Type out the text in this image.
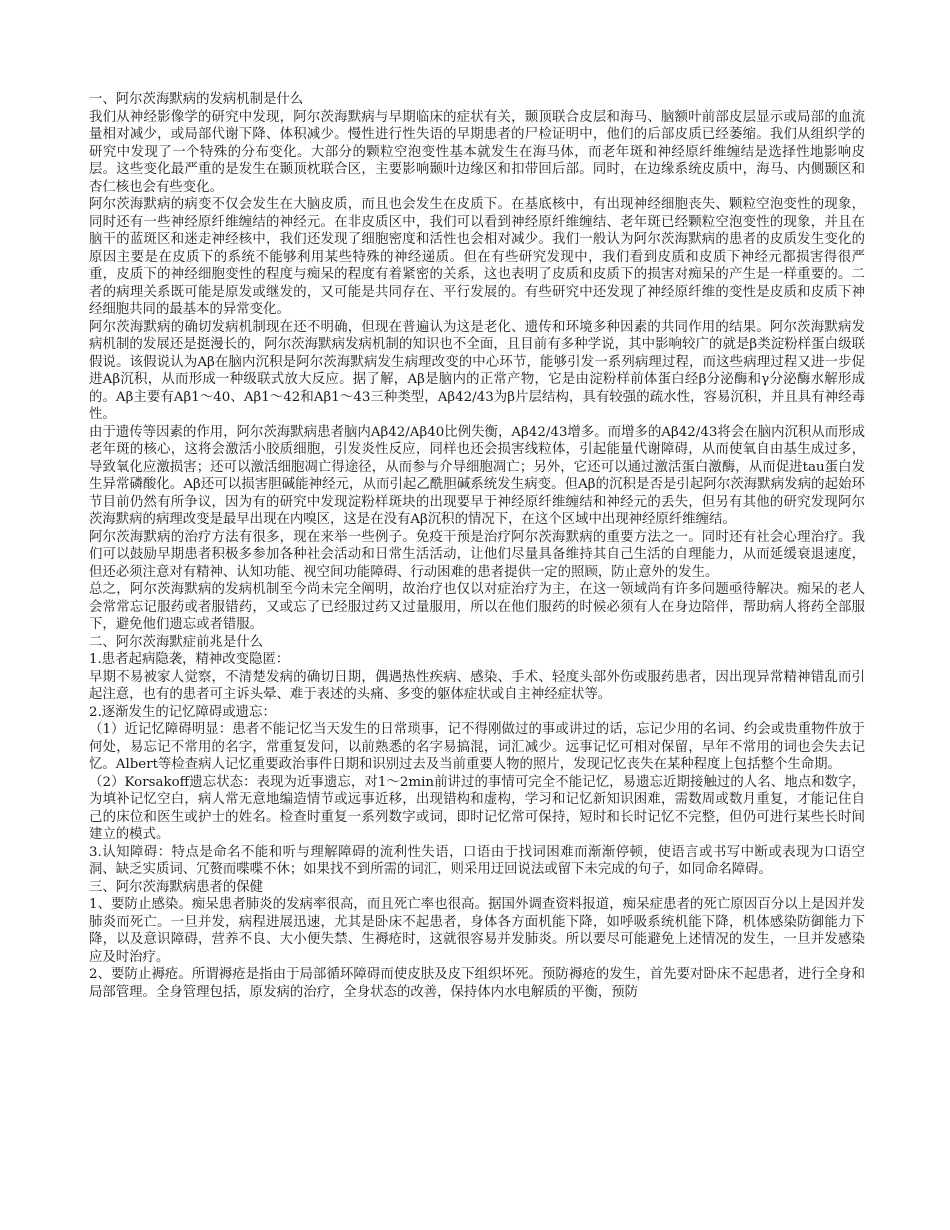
一、阿尔茨海默病的发病机制是什么

我们从神经影像学的研究中发现，阿尔茨海默病与早期临床的症状有关，颞顶联合皮层和海马、脑额叶前部皮层显示或局部的血流量相对减少，或局部代谢下降、体积减少。慢性进行性失语的早期患者的尸检证明中，他们的后部皮质已经萎缩。我们从组织学的研究中发现了一个特殊的分布变化。大部分的颗粒空泡变性基本就发生在海马体，而老年斑和神经原纤维缠结是选择性地影响皮层。这些变化最严重的是发生在颞顶枕联合区，主要影响颞叶边缘区和扣带回后部。同时，在边缘系统皮质中，海马、内侧颞区和杏仁核也会有些变化。

阿尔茨海默病的病变不仅会发生在大脑皮质，而且也会发生在皮质下。在基底核中，有出现神经细胞丧失、颗粒空泡变性的现象，同时还有一些神经原纤维缠结的神经元。在非皮质区中，我们可以看到神经原纤维缠结、老年斑已经颗粒空泡变性的现象，并且在脑干的蓝斑区和迷走神经核中，我们还发现了细胞密度和活性也会相对减少。我们一般认为阿尔茨海默病的患者的皮质发生变化的原因主要是在皮质下的系统不能够利用某些特殊的神经递质。但在有些研究发现中，我们看到皮质和皮质下神经元都损害得很严重，皮质下的神经细胞变性的程度与痴呆的程度有着紧密的关系，这也表明了皮质和皮质下的损害对痴呆的产生是一样重要的。二者的病理关系既可能是原发或继发的，又可能是共同存在、平行发展的。有些研究中还发现了神经原纤维的变性是皮质和皮质下神经细胞共同的最基本的异常变化。

阿尔茨海默病的确切发病机制现在还不明确，但现在普遍认为这是老化、遗传和环境多种因素的共同作用的结果。阿尔茨海默病发病机制的发展还是挺漫长的，阿尔茨海默病发病机制的知识也不全面，且目前有多种学说，其中影响较广的就是β类淀粉样蛋白级联假说。该假说认为Aβ在脑内沉积是阿尔茨海默病发生病理改变的中心环节，能够引发一系列病理过程，而这些病理过程又进一步促进Aβ沉积，从而形成一种级联式放大反应。据了解，Aβ是脑内的正常产物，它是由淀粉样前体蛋白经β分泌酶和γ分泌酶水解形成的。Aβ主要有Aβ1～40、Aβ1～42和Aβ1～43三种类型，Aβ42/43为β片层结构，具有较强的疏水性，容易沉积，并且具有神经毒性。

由于遗传等因素的作用，阿尔茨海默病患者脑内Aβ42/Aβ40比例失衡，Aβ42/43增多。而增多的Aβ42/43将会在脑内沉积从而形成老年斑的核心，这将会激活小胶质细胞，引发炎性反应，同样也还会损害线粒体，引起能量代谢障碍，从而使氧自由基生成过多，导致氧化应激损害；还可以激活细胞凋亡得途径，从而参与介导细胞凋亡；另外，它还可以通过激活蛋白激酶，从而促进tau蛋白发生异常磷酸化。Aβ还可以损害胆碱能神经元，从而引起乙酰胆碱系统发生病变。但Aβ的沉积是否是引起阿尔茨海默病发病的起始环节目前仍然有所争议，因为有的研究中发现淀粉样斑块的出现要早于神经原纤维缠结和神经元的丢失，但另有其他的研究发现阿尔茨海默病的病理改变是最早出现在内嗅区，这是在没有Aβ沉积的情况下，在这个区域中出现神经原纤维缠结。

阿尔茨海默病的治疗方法有很多，现在来举一些例子。免疫干预是治疗阿尔茨海默病的重要方法之一。同时还有社会心理治疗。我们可以鼓励早期患者积极多参加各种社会活动和日常生活活动，让他们尽量具备维持其自己生活的自理能力，从而延缓衰退速度，但还必须注意对有精神、认知功能、视空间功能障碍、行动困难的患者提供一定的照顾，防止意外的发生。

总之，阿尔茨海默病的发病机制至今尚未完全阐明，故治疗也仅以对症治疗为主，在这一领域尚有许多问题亟待解决。痴呆的老人会常常忘记服药或者服错药，又或忘了已经服过药又过量服用，所以在他们服药的时候必须有人在身边陪伴，帮助病人将药全部服下，避免他们遗忘或者错服。

二、阿尔茨海默症前兆是什么

1.患者起病隐袭，精神改变隐匿：

早期不易被家人觉察，不清楚发病的确切日期，偶遇热性疾病、感染、手术、轻度头部外伤或服药患者，因出现异常精神错乱而引起注意，也有的患者可主诉头晕、难于表述的头痛、多变的躯体症状或自主神经症状等。

2.逐渐发生的记忆障碍或遗忘：

（1）近记忆障碍明显：患者不能记忆当天发生的日常琐事，记不得刚做过的事或讲过的话，忘记少用的名词、约会或贵重物件放于何处，易忘记不常用的名字，常重复发问，以前熟悉的名字易搞混，词汇减少。远事记忆可相对保留，早年不常用的词也会失去记忆。Albert等检查病人记忆重要政治事件日期和识别过去及当前重要人物的照片，发现记忆丧失在某种程度上包括整个生命期。

（2）Korsakoff遗忘状态：表现为近事遗忘，对1～2min前讲过的事情可完全不能记忆，易遗忘近期接触过的人名、地点和数字，为填补记忆空白，病人常无意地编造情节或远事近移，出现错构和虚构，学习和记忆新知识困难，需数周或数月重复，才能记住自己的床位和医生或护士的姓名。检查时重复一系列数字或词，即时记忆常可保持，短时和长时记忆不完整，但仍可进行某些长时间建立的模式。

3.认知障碍：特点是命名不能和听与理解障碍的流利性失语，口语由于找词困难而渐渐停顿，使语言或书写中断或表现为口语空洞、缺乏实质词、冗赘而喋喋不休；如果找不到所需的词汇，则采用迂回说法或留下未完成的句子，如同命名障碍。

三、阿尔茨海默病患者的保健

1、要防止感染。痴呆患者肺炎的发病率很高，而且死亡率也很高。据国外调查资料报道，痴呆症患者的死亡原因百分以上是因并发肺炎而死亡。一旦并发，病程进展迅速，尤其是卧床不起患者，身体各方面机能下降，如呼吸系统机能下降，机体感染防御能力下降，以及意识障碍，营养不良、大小便失禁、生褥疮时，这就很容易并发肺炎。所以要尽可能避免上述情况的发生，一旦并发感染应及时治疗。

2、要防止褥疮。所谓褥疮是指由于局部循环障碍而使皮肤及皮下组织坏死。预防褥疮的发生，首先要对卧床不起患者，进行全身和局部管理。全身管理包括，原发病的治疗，全身状态的改善，保持体内水电解质的平衡，预防
